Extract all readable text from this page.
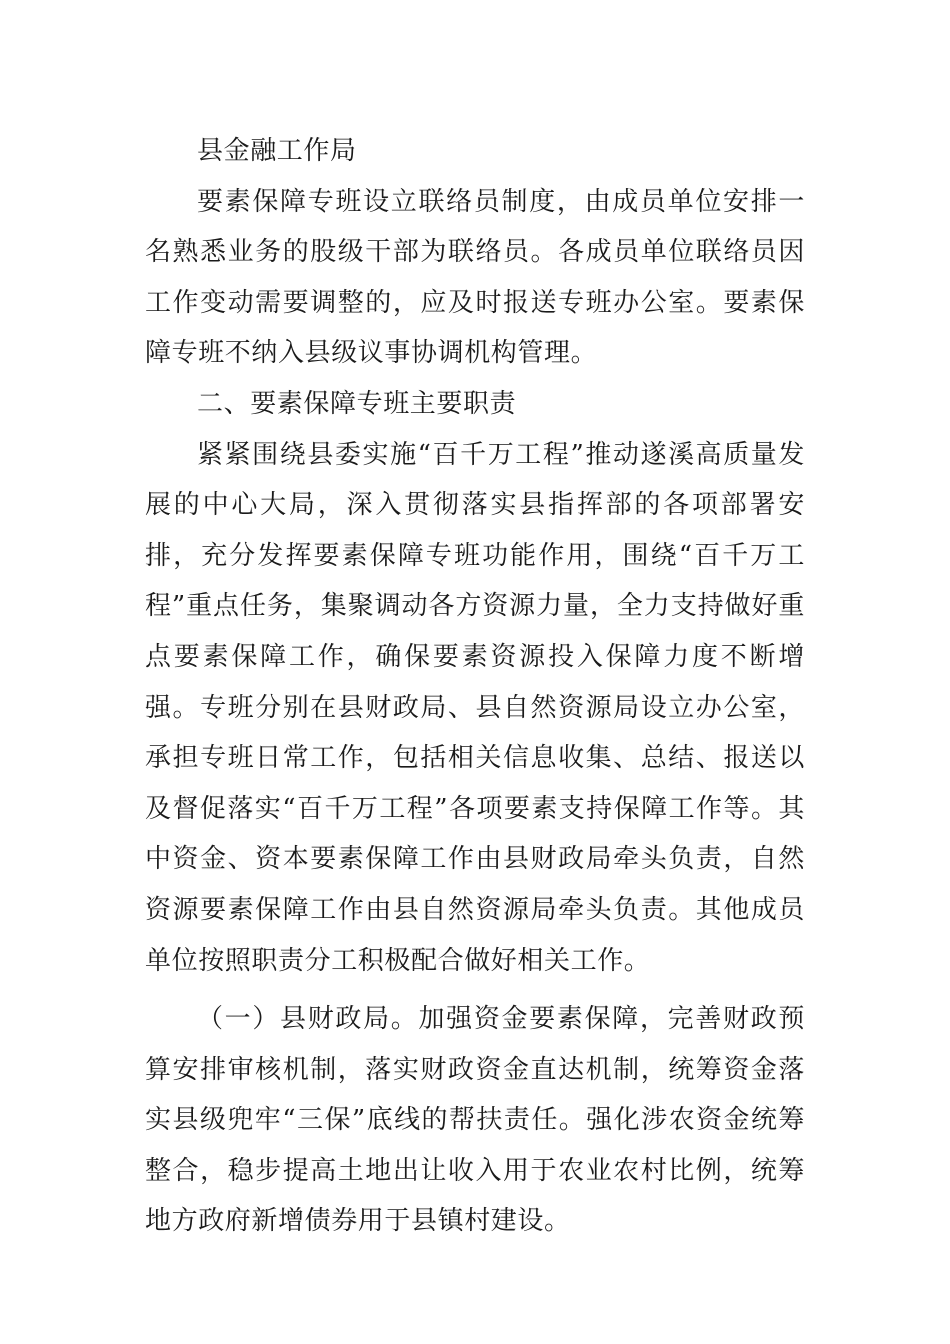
县金融工作局

要素保障专班设立联络员制度，由成员单位安排一名熟悉业务的股级干部为联络员。各成员单位联络员因工作变动需要调整的，应及时报送专班办公室。要素保障专班不纳入县级议事协调机构管理。

二、要素保障专班主要职责

紧紧围绕县委实施“百千万工程”推动遂溪高质量发展的中心大局，深入贯彻落实县指挥部的各项部署安排，充分发挥要素保障专班功能作用，围绕“百千万工程”重点任务，集聚调动各方资源力量，全力支持做好重点要素保障工作，确保要素资源投入保障力度不断增强。专班分别在县财政局、县自然资源局设立办公室，承担专班日常工作，包括相关信息收集、总结、报送以及督促落实“百千万工程”各项要素支持保障工作等。其中资金、资本要素保障工作由县财政局牵头负责，自然资源要素保障工作由县自然资源局牵头负责。其他成员单位按照职责分工积极配合做好相关工作。

（一）县财政局。加强资金要素保障，完善财政预算安排审核机制，落实财政资金直达机制，统筹资金落实县级兜牢“三保”底线的帮扶责任。强化涉农资金统筹整合，稳步提高土地出让收入用于农业农村比例，统筹地方政府新增债券用于县镇村建设。
